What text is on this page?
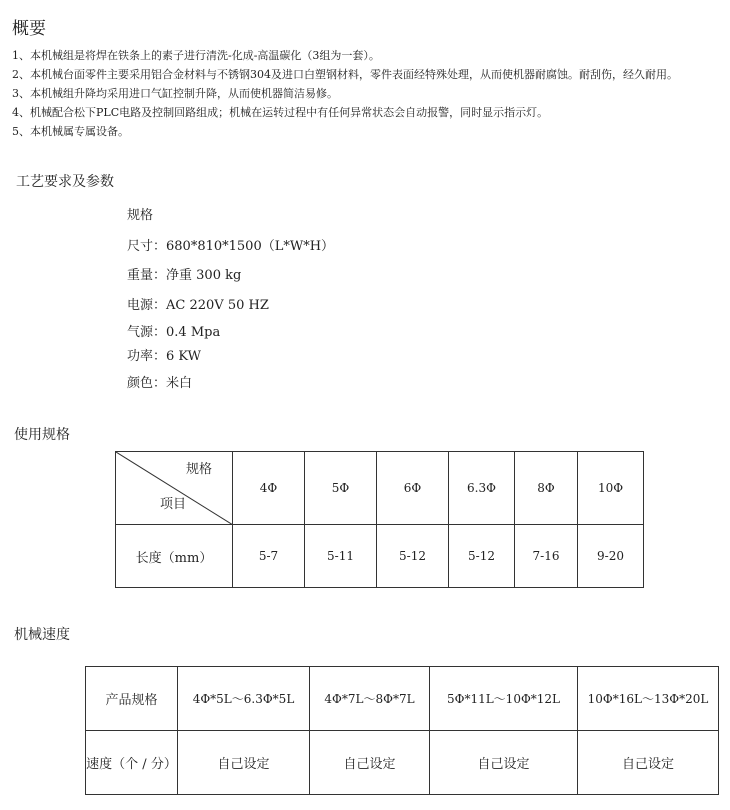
概要
1、本机械组是将焊在铁条上的素子进行清洗-化成-高温碳化（3组为一套）。
2、本机械台面零件主要采用铝合金材料与不锈钢304及进口白塑钢材料，零件表面经特殊处理，从而使机器耐腐蚀。耐刮伤，经久耐用。
3、本机械组升降均采用进口气缸控制升降，从而使机器简洁易修。
4、机械配合松下PLC电路及控制回路组成；机械在运转过程中有任何异常状态会自动报警，同时显示指示灯。
5、本机械属专属设备。
工艺要求及参数
规格
尺寸：680*810*1500（L*W*H）
重量：净重 300 kg
电源：AC 220V 50 HZ
气源：0.4 Mpa
功率：6 KW
颜色：米白
使用规格
规格
项目	4Φ	5Φ	6Φ	6.3Φ	8Φ	10Φ
长度（mm）	5-7	5-11	5-12	5-12	7-16	9-20
机械速度
产品规格	4Φ*5L～6.3Φ*5L	4Φ*7L～8Φ*7L	5Φ*11L～10Φ*12L	10Φ*16L～13Φ*20L
速度（个 / 分）	自己设定	自己设定	自己设定	自己设定
